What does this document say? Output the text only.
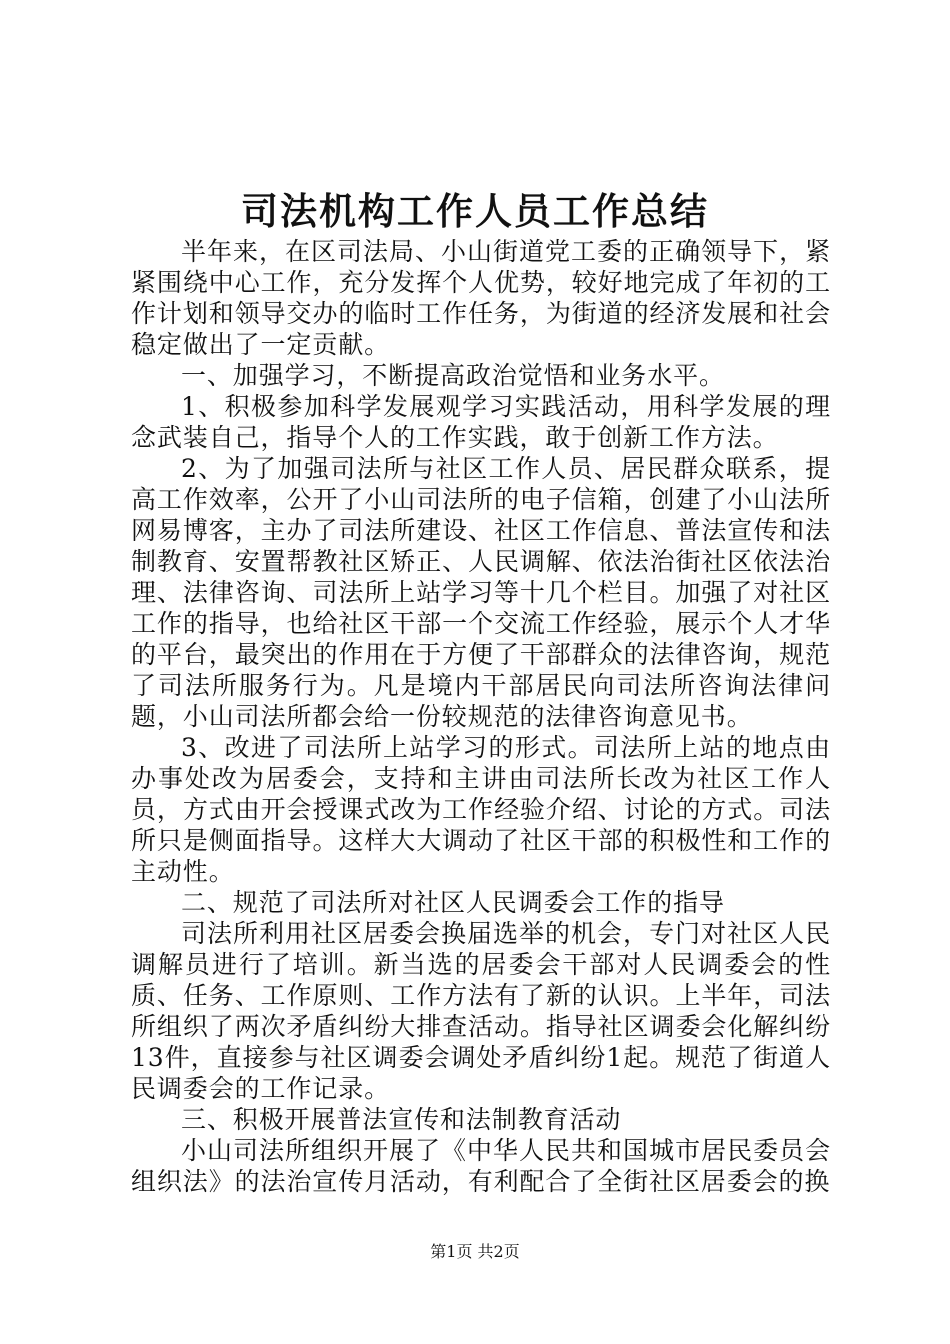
司法机构工作人员工作总结

半年来，在区司法局、小山街道党工委的正确领导下，紧紧围绕中心工作，充分发挥个人优势，较好地完成了年初的工作计划和领导交办的临时工作任务，为街道的经济发展和社会稳定做出了一定贡献。

一、加强学习，不断提高政治觉悟和业务水平。

1、积极参加科学发展观学习实践活动，用科学发展的理念武装自己，指导个人的工作实践，敢于创新工作方法。

2、为了加强司法所与社区工作人员、居民群众联系，提高工作效率，公开了小山司法所的电子信箱，创建了小山法所网易博客，主办了司法所建设、社区工作信息、普法宣传和法制教育、安置帮教社区矫正、人民调解、依法治街社区依法治理、法律咨询、司法所上站学习等十几个栏目。加强了对社区工作的指导，也给社区干部一个交流工作经验，展示个人才华的平台，最突出的作用在于方便了干部群众的法律咨询，规范了司法所服务行为。凡是境内干部居民向司法所咨询法律问题，小山司法所都会给一份较规范的法律咨询意见书。

3、改进了司法所上站学习的形式。司法所上站的地点由办事处改为居委会，支持和主讲由司法所长改为社区工作人员，方式由开会授课式改为工作经验介绍、讨论的方式。司法所只是侧面指导。这样大大调动了社区干部的积极性和工作的主动性。

二、规范了司法所对社区人民调委会工作的指导

司法所利用社区居委会换届选举的机会，专门对社区人民调解员进行了培训。新当选的居委会干部对人民调委会的性质、任务、工作原则、工作方法有了新的认识。上半年，司法所组织了两次矛盾纠纷大排查活动。指导社区调委会化解纠纷13件，直接参与社区调委会调处矛盾纠纷1起。规范了街道人民调委会的工作记录。

三、积极开展普法宣传和法制教育活动

小山司法所组织开展了《中华人民共和国城市居民委员会组织法》的法治宣传月活动，有利配合了全街社区居委会的换

第1页 共2页
